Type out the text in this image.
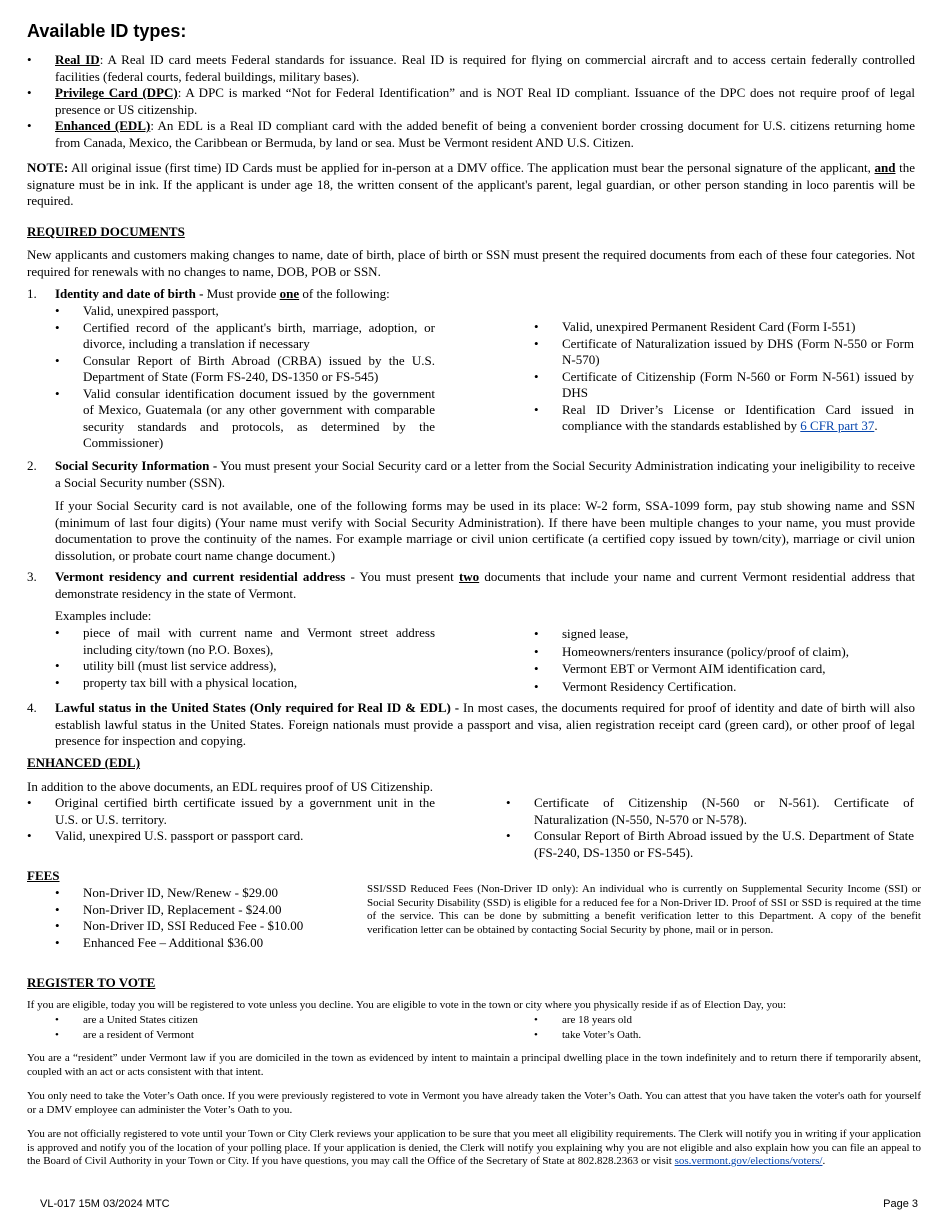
Available ID types:
• Real ID: A Real ID card meets Federal standards for issuance. Real ID is required for flying on commercial aircraft and to access certain federally controlled facilities (federal courts, federal buildings, military bases).
• Privilege Card (DPC): A DPC is marked “Not for Federal Identification” and is NOT Real ID compliant. Issuance of the DPC does not require proof of legal presence or US citizenship.
• Enhanced (EDL): An EDL is a Real ID compliant card with the added benefit of being a convenient border crossing document for U.S. citizens returning home from Canada, Mexico, the Caribbean or Bermuda, by land or sea. Must be Vermont resident AND U.S. Citizen.
NOTE: All original issue (first time) ID Cards must be applied for in-person at a DMV office. The application must bear the personal signature of the applicant, and the signature must be in ink. If the applicant is under age 18, the written consent of the applicant's parent, legal guardian, or other person standing in loco parentis will be required.
REQUIRED DOCUMENTS
New applicants and customers making changes to name, date of birth, place of birth or SSN must present the required documents from each of these four categories. Not required for renewals with no changes to name, DOB, POB or SSN.
1. Identity and date of birth - Must provide one of the following:
• Valid, unexpired passport,
• Certified record of the applicant's birth, marriage, adoption, or divorce, including a translation if necessary
• Consular Report of Birth Abroad (CRBA) issued by the U.S. Department of State (Form FS-240, DS-1350 or FS-545)
• Valid consular identification document issued by the government of Mexico, Guatemala (or any other government with comparable security standards and protocols, as determined by the Commissioner)
• Valid, unexpired Permanent Resident Card (Form I-551)
• Certificate of Naturalization issued by DHS (Form N-550 or Form N-570)
• Certificate of Citizenship (Form N-560 or Form N-561) issued by DHS
• Real ID Driver’s License or Identification Card issued in compliance with the standards established by 6 CFR part 37.
2. Social Security Information - You must present your Social Security card or a letter from the Social Security Administration indicating your ineligibility to receive a Social Security number (SSN).
If your Social Security card is not available, one of the following forms may be used in its place: W-2 form, SSA-1099 form, pay stub showing name and SSN (minimum of last four digits) (Your name must verify with Social Security Administration). If there have been multiple changes to your name, you must provide documentation to prove the continuity of the names. For example marriage or civil union certificate (a certified copy issued by town/city), marriage or civil union dissolution, or probate court name change document.)
3. Vermont residency and current residential address - You must present two documents that include your name and current Vermont residential address that demonstrate residency in the state of Vermont.
Examples include:
• piece of mail with current name and Vermont street address including city/town (no P.O. Boxes),
• utility bill (must list service address),
• property tax bill with a physical location,
• signed lease,
• Homeowners/renters insurance (policy/proof of claim),
• Vermont EBT or Vermont AIM identification card,
• Vermont Residency Certification.
4. Lawful status in the United States (Only required for Real ID & EDL) - In most cases, the documents required for proof of identity and date of birth will also establish lawful status in the United States. Foreign nationals must provide a passport and visa, alien registration receipt card (green card), or other proof of legal presence for inspection and copying.
ENHANCED (EDL)
In addition to the above documents, an EDL requires proof of US Citizenship.
• Original certified birth certificate issued by a government unit in the U.S. or U.S. territory.
• Valid, unexpired U.S. passport or passport card.
• Certificate of Citizenship (N-560 or N-561). Certificate of Naturalization (N-550, N-570 or N-578).
• Consular Report of Birth Abroad issued by the U.S. Department of State (FS-240, DS-1350 or FS-545).
FEES
• Non-Driver ID, New/Renew - $29.00
• Non-Driver ID, Replacement - $24.00
• Non-Driver ID, SSI Reduced Fee - $10.00
• Enhanced Fee – Additional $36.00
SSI/SSD Reduced Fees (Non-Driver ID only): An individual who is currently on Supplemental Security Income (SSI) or Social Security Disability (SSD) is eligible for a reduced fee for a Non-Driver ID. Proof of SSI or SSD is required at the time of the service. This can be done by submitting a benefit verification letter to this Department. A copy of the benefit verification letter can be obtained by contacting Social Security by phone, mail or in person.
REGISTER TO VOTE
If you are eligible, today you will be registered to vote unless you decline. You are eligible to vote in the town or city where you physically reside if as of Election Day, you:
• are a United States citizen
• are a resident of Vermont
• are 18 years old
• take Voter’s Oath.
You are a “resident” under Vermont law if you are domiciled in the town as evidenced by intent to maintain a principal dwelling place in the town indefinitely and to return there if temporarily absent, coupled with an act or acts consistent with that intent.
You only need to take the Voter’s Oath once. If you were previously registered to vote in Vermont you have already taken the Voter’s Oath. You can attest that you have taken the voter's oath for yourself or a DMV employee can administer the Voter’s Oath to you.
You are not officially registered to vote until your Town or City Clerk reviews your application to be sure that you meet all eligibility requirements. The Clerk will notify you in writing if your application is approved and notify you of the location of your polling place. If your application is denied, the Clerk will notify you explaining why you are not eligible and also explain how you can file an appeal to the Board of Civil Authority in your Town or City. If you have questions, you may call the Office of the Secretary of State at 802.828.2363 or visit sos.vermont.gov/elections/voters/.
VL-017 15M 03/2024 MTC	Page 3
